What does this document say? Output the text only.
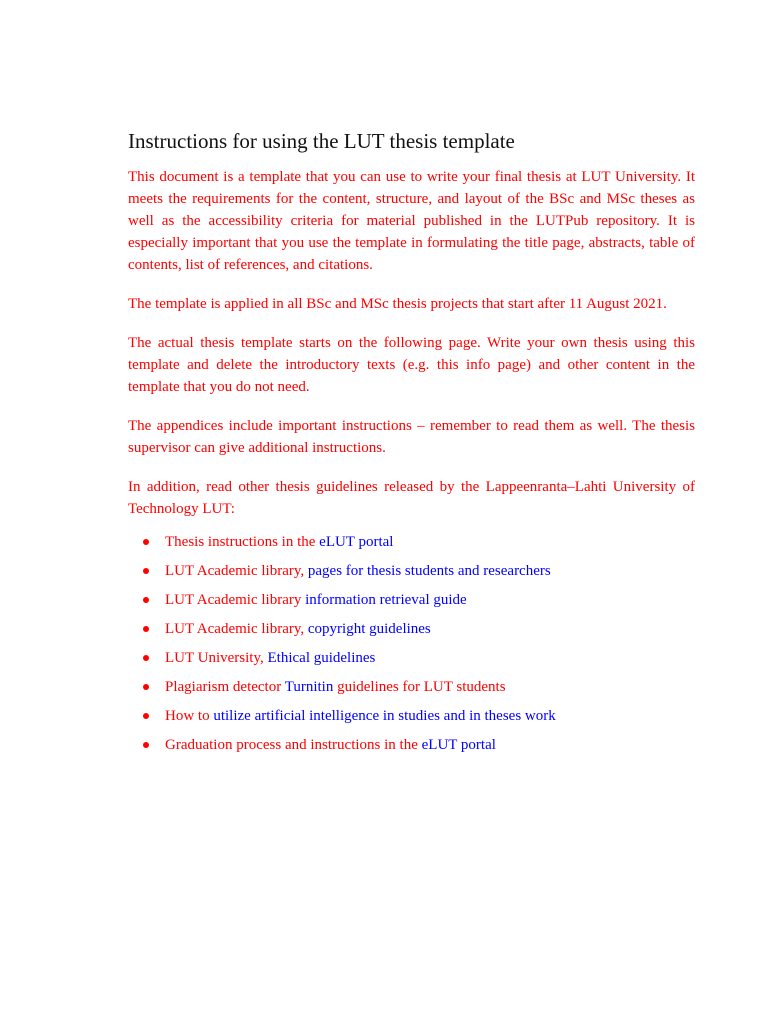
Instructions for using the LUT thesis template

This document is a template that you can use to write your final thesis at LUT University. It meets the requirements for the content, structure, and layout of the BSc and MSc theses as well as the accessibility criteria for material published in the LUTPub repository. It is especially important that you use the template in formulating the title page, abstracts, table of contents, list of references, and citations.

The template is applied in all BSc and MSc thesis projects that start after 11 August 2021.

The actual thesis template starts on the following page. Write your own thesis using this template and delete the introductory texts (e.g. this info page) and other content in the template that you do not need.

The appendices include important instructions – remember to read them as well. The thesis supervisor can give additional instructions.

In addition, read other thesis guidelines released by the Lappeenranta–Lahti University of Technology LUT:

Thesis instructions in the eLUT portal
LUT Academic library, pages for thesis students and researchers
LUT Academic library information retrieval guide
LUT Academic library, copyright guidelines
LUT University, Ethical guidelines
Plagiarism detector Turnitin guidelines for LUT students
How to utilize artificial intelligence in studies and in theses work
Graduation process and instructions in the eLUT portal
